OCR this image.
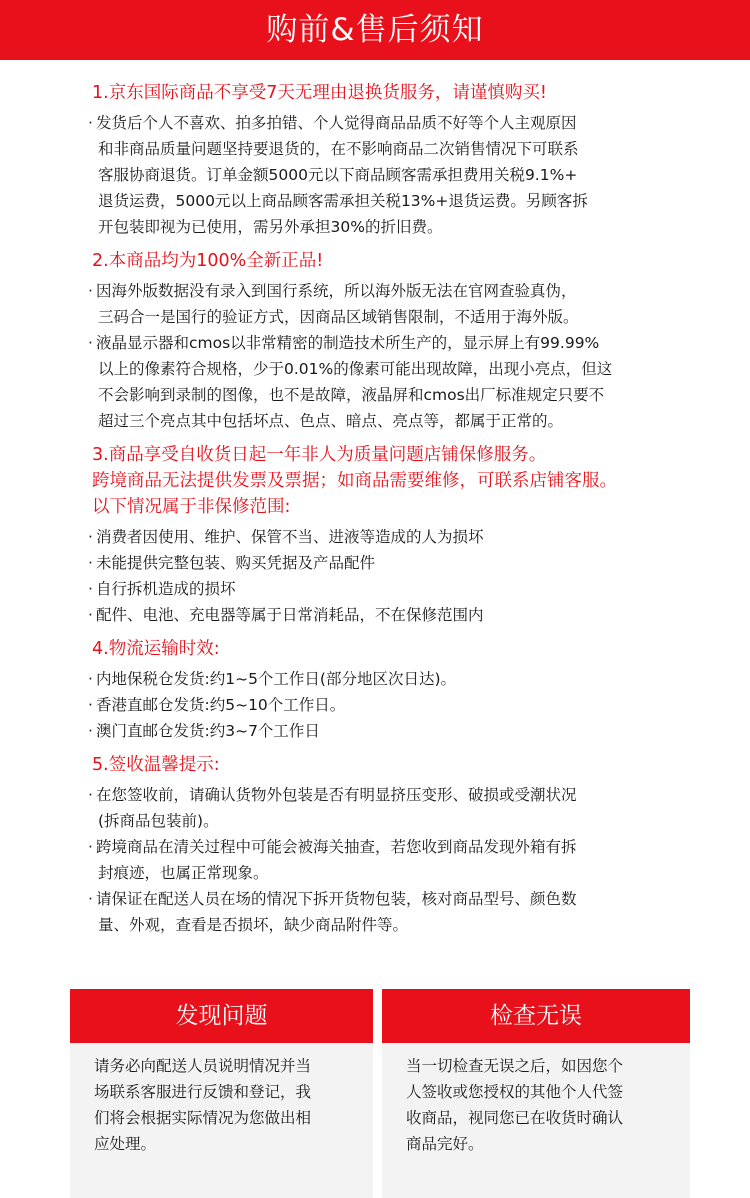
购前&售后须知
1.京东国际商品不享受7天无理由退换货服务，请谨慎购买!
· 发货后个人不喜欢、拍多拍错、个人觉得商品品质不好等个人主观原因
和非商品质量问题坚持要退货的，在不影响商品二次销售情况下可联系
客服协商退货。订单金额5000元以下商品顾客需承担费用关税9.1%+
退货运费，5000元以上商品顾客需承担关税13%+退货运费。另顾客拆
开包装即视为已使用，需另外承担30%的折旧费。
2.本商品均为100%全新正品!
· 因海外版数据没有录入到国行系统，所以海外版无法在官网查验真伪，
三码合一是国行的验证方式，因商品区域销售限制，不适用于海外版。
· 液晶显示器和cmos以非常精密的制造技术所生产的，显示屏上有99.99%
以上的像素符合规格，少于0.01%的像素可能出现故障，出现小亮点，但这
不会影响到录制的图像，也不是故障，液晶屏和cmos出厂标准规定只要不
超过三个亮点其中包括坏点、色点、暗点、亮点等，都属于正常的。
3.商品享受自收货日起一年非人为质量问题店铺保修服务。
跨境商品无法提供发票及票据；如商品需要维修，可联系店铺客服。
以下情况属于非保修范围:
· 消费者因使用、维护、保管不当、进液等造成的人为损坏
· 未能提供完整包装、购买凭据及产品配件
· 自行拆机造成的损坏
· 配件、电池、充电器等属于日常消耗品，不在保修范围内
4.物流运输时效:
· 内地保税仓发货:约1~5个工作日(部分地区次日达)。
· 香港直邮仓发货:约5~10个工作日。
· 澳门直邮仓发货:约3~7个工作日
5.签收温馨提示:
· 在您签收前，请确认货物外包装是否有明显挤压变形、破损或受潮状况
(拆商品包装前)。
· 跨境商品在清关过程中可能会被海关抽查，若您收到商品发现外箱有拆
封痕迹，也属正常现象。
· 请保证在配送人员在场的情况下拆开货物包装，核对商品型号、颜色数
量、外观，查看是否损坏，缺少商品附件等。
发现问题
请务必向配送人员说明情况并当
场联系客服进行反馈和登记，我
们将会根据实际情况为您做出相
应处理。
检查无误
当一切检查无误之后，如因您个
人签收或您授权的其他个人代签
收商品，视同您已在收货时确认
商品完好。
